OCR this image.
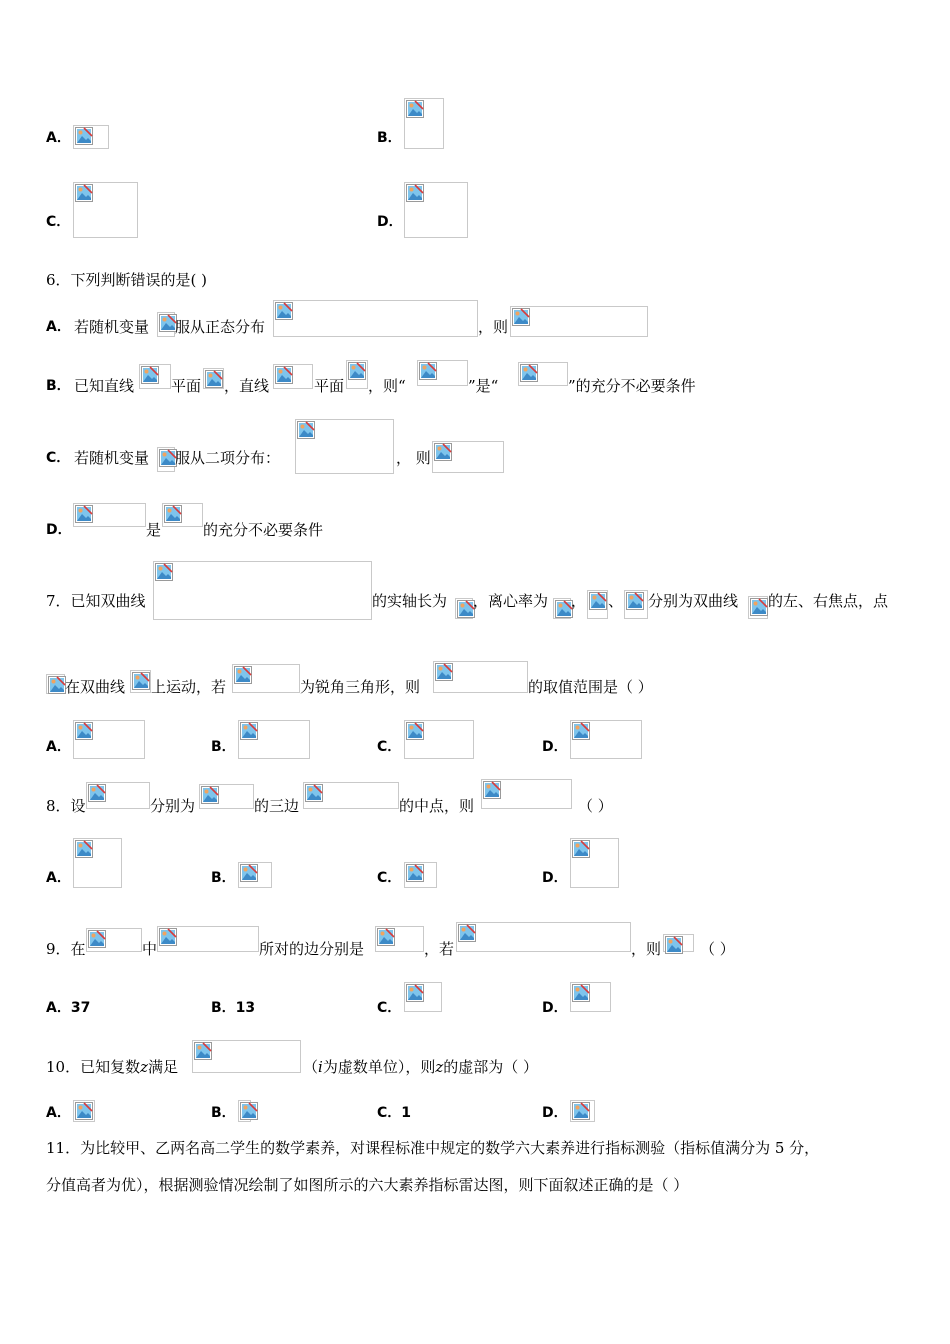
A．	B．
C．	D．
6．下列判断错误的是( )
A． 若随机变量 服从正态分布	，则
B． 已知直线 平面 ，直线	平面 ，则“	”是“	”的充分不必要条件
C． 若随机变量 服从二项分布：	， 则
D．	是	的充分不必要条件
7．已知双曲线	的实轴长为 ，离心率为 ， 、 分别为双曲线 的左、右焦点，点
在双曲线 上运动，若	为锐角三角形，则	的取值范围是（ ）
A．	B．	C．	D．
8．设	分别为	的三边	的中点，则	（ ）
A．	B．	C．	D．
9．在	中	所对的边分别是	，若	，则	（ ）
A．37	B．13	C．	D．
10．已知复数z满足	（i为虚数单位），则z的虚部为（ ）
A．	B．	C．1	D．
11．为比较甲、乙两名高二学生的数学素养，对课程标准中规定的数学六大素养进行指标测验（指标值满分为 5 分，
分值高者为优），根据测验情况绘制了如图所示的六大素养指标雷达图，则下面叙述正确的是（ ）
